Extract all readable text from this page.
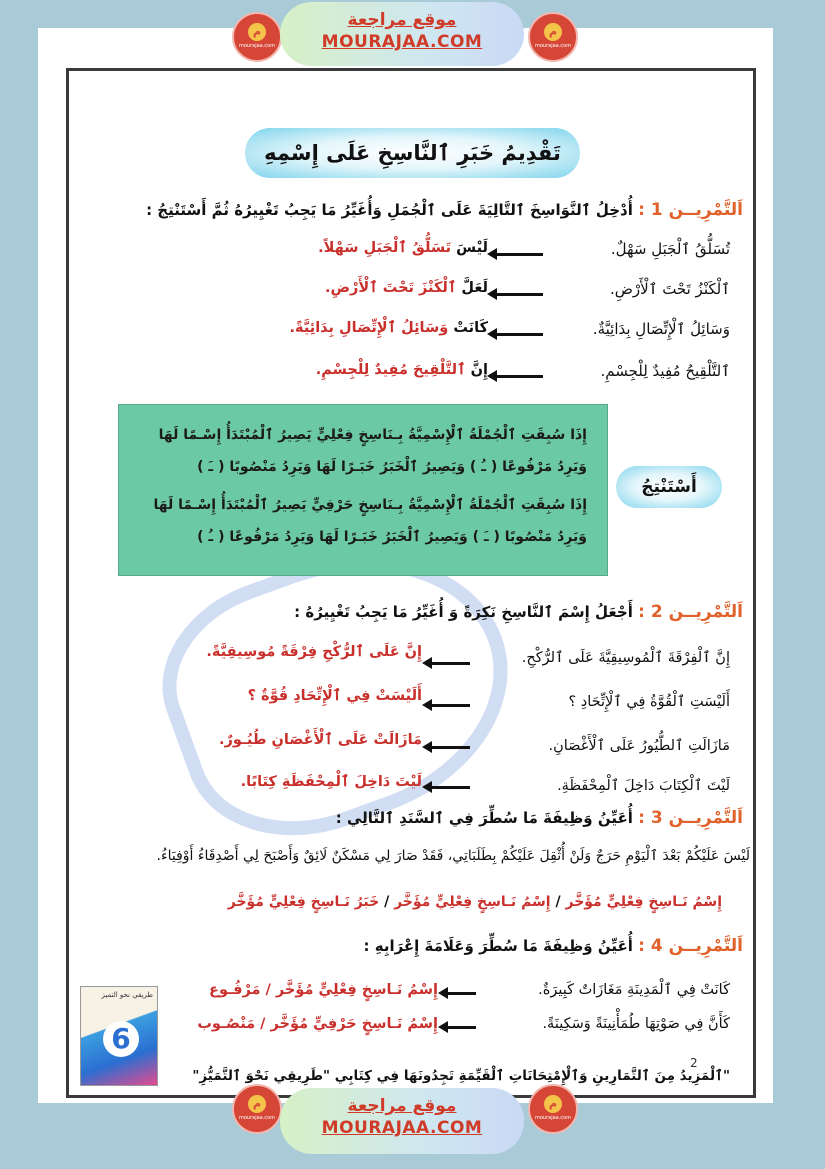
م
mourajaa.com
موقع مراجعة
MOURAJAA.COM
م
mourajaa.com
تَقْدِيمُ خَبَرِ ٱلنَّاسِخِ عَلَى إِسْمِهِ
اَلتَّمْرِيــن 1 : أُدْخِلُ ٱلنَّوَاسِخَ ٱلتَّالِيَةَ عَلَى ٱلْجُمَلِ وَأُغَيِّرُ مَا يَجِبُ تَغْيِيرُهُ ثُمَّ أَسْتَنْتِجُ :
تُسَلُّقُ ٱلْجَبَلِ سَهْلٌ.
لَيْسَ تَسَلُّقُ ٱلْجَبَلِ سَهْلاً.
ٱلْكَنْزُ تَحْتَ ٱلْأَرْضِ.
لَعَلَّ ٱلْكَنْزَ تَحْتَ ٱلْأَرْضِ.
وَسَائِلُ ٱلْإِتِّصَالِ بِدَائِيَّةٌ.
كَانَتْ وَسَائِلُ ٱلْإِتِّصَالِ بِدَائِيَّةً.
ٱلتَّلْقِيحُ مُفِيدٌ لِلْجِسْمِ.
إِنَّ ٱلتَّلْقِيحَ مُفِيدٌ لِلْجِسْمِ.

إِذَا سُبِقَتِ ٱلْجُمْلَةُ ٱلْإِسْمِيَّةُ بِـنَاسِخٍ فِعْلِيٍّ يَصِيرُ ٱلْمُبْتَدَأُ إِسْـمًا لَهَا وَيَرِدُ مَرْفُوعًا ( ـُ ) وَيَصِيرُ ٱلْخَبَرُ خَبَـرًا لَهَا وَيَرِدُ مَنْصُوبًا ( ـَ )

إِذَا سُبِقَتِ ٱلْجُمْلَةُ ٱلْإِسْمِيَّةُ بِـنَاسِخٍ حَرْفِيٍّ يَصِيرُ ٱلْمُبْتَدَأُ إِسْـمًا لَهَا وَيَرِدُ مَنْصُوبًا ( ـَ ) وَيَصِيرُ ٱلْخَبَرُ خَبَـرًا لَهَا وَيَرِدُ مَرْفُوعًا ( ـُ )

أَسْتَنْتِجُ
اَلتَّمْرِيــن 2 : أَجْعَلُ إِسْمَ ٱلنَّاسِخِ نَكِرَةً وَ أُغَيِّرُ مَا يَجِبُ تَغْيِيرُهُ :
إِنَّ ٱلْفِرْقَةَ ٱلْمُوسِيقِيَّةَ عَلَى ٱلرُّكْحِ.
إِنَّ عَلَى ٱلرُّكْحِ فِرْقَةً مُوسِيقِيَّةً.
أَلَيْسَتِ ٱلْقُوَّةُ فِي ٱلْإِتِّحَادِ ؟
أَلَيْسَتْ فِي ٱلْإِتِّحَادِ قُوَّةٌ ؟
مَازَالَتِ ٱلطُّيُورُ عَلَى ٱلْأَغْصَانِ.
مَازَالَتْ عَلَى ٱلْأَغْصَانِ طُيُـورٌ.
لَيْتَ ٱلْكِتَابَ دَاخِلَ ٱلْمِحْفَظَةِ.
لَيْتَ دَاخِلَ ٱلْمِحْفَظَةِ كِتَابًا.
اَلتَّمْرِيــن 3 : أُعَيِّنُ وَظِيفَةَ مَا سُطِّرَ فِي ٱلسَّنَدِ ٱلتَّالِي :
لَيْسَ عَلَيْكُمْ بَعْدَ ٱلْيَوْمِ حَرَجٌ وَلَنْ أُثْقِلَ عَلَيْكُمْ بِطَلَبَاتِي، فَقَدْ صَارَ لِي مَسْكَنٌ لَائِقٌ وَأَصْبَحَ لِي أَصْدِقَاءُ أَوْفِيَاءُ.
إِسْمُ نَـاسِخٍ فِعْلِيٍّ مُؤَخَّر / إِسْمُ نَـاسِخٍ فِعْلِيٍّ مُؤَخَّر / خَبَرُ نَـاسِخٍ فِعْلِيٍّ مُؤَخَّر
اَلتَّمْرِيــن 4 : أُعَيِّنُ وَظِيفَةَ مَا سُطِّرَ وَعَلَامَةَ إِعْرَابِهِ :
كَانَتْ فِي ٱلْمَدِينَةِ مَغَازَاتٌ كَبِيرَةٌ.
إِسْمُ نَـاسِخٍ فِعْلِيٍّ مُؤَخَّر / مَرْفُـوع
كَأَنَّ فِي صَوْتِهَا طُمَأْنِينَةً وَسَكِينَةً.
إِسْمُ نَـاسِخٍ حَرْفِيٍّ مُؤَخَّر / مَنْصُـوب
طريقي نحو التميز
6
2
"ٱلْمَزِيدُ مِنَ ٱلتَّمَارِينِ وَٱلْإِمْتِحَانَاتِ ٱلْقَيِّمَةِ تَجِدُونَهَا فِي كِتَابِي "طَرِيقِي نَحْوَ ٱلتَّمَيُّزِ"
م
mourajaa.com
موقع مراجعة
MOURAJAA.COM
م
mourajaa.com
